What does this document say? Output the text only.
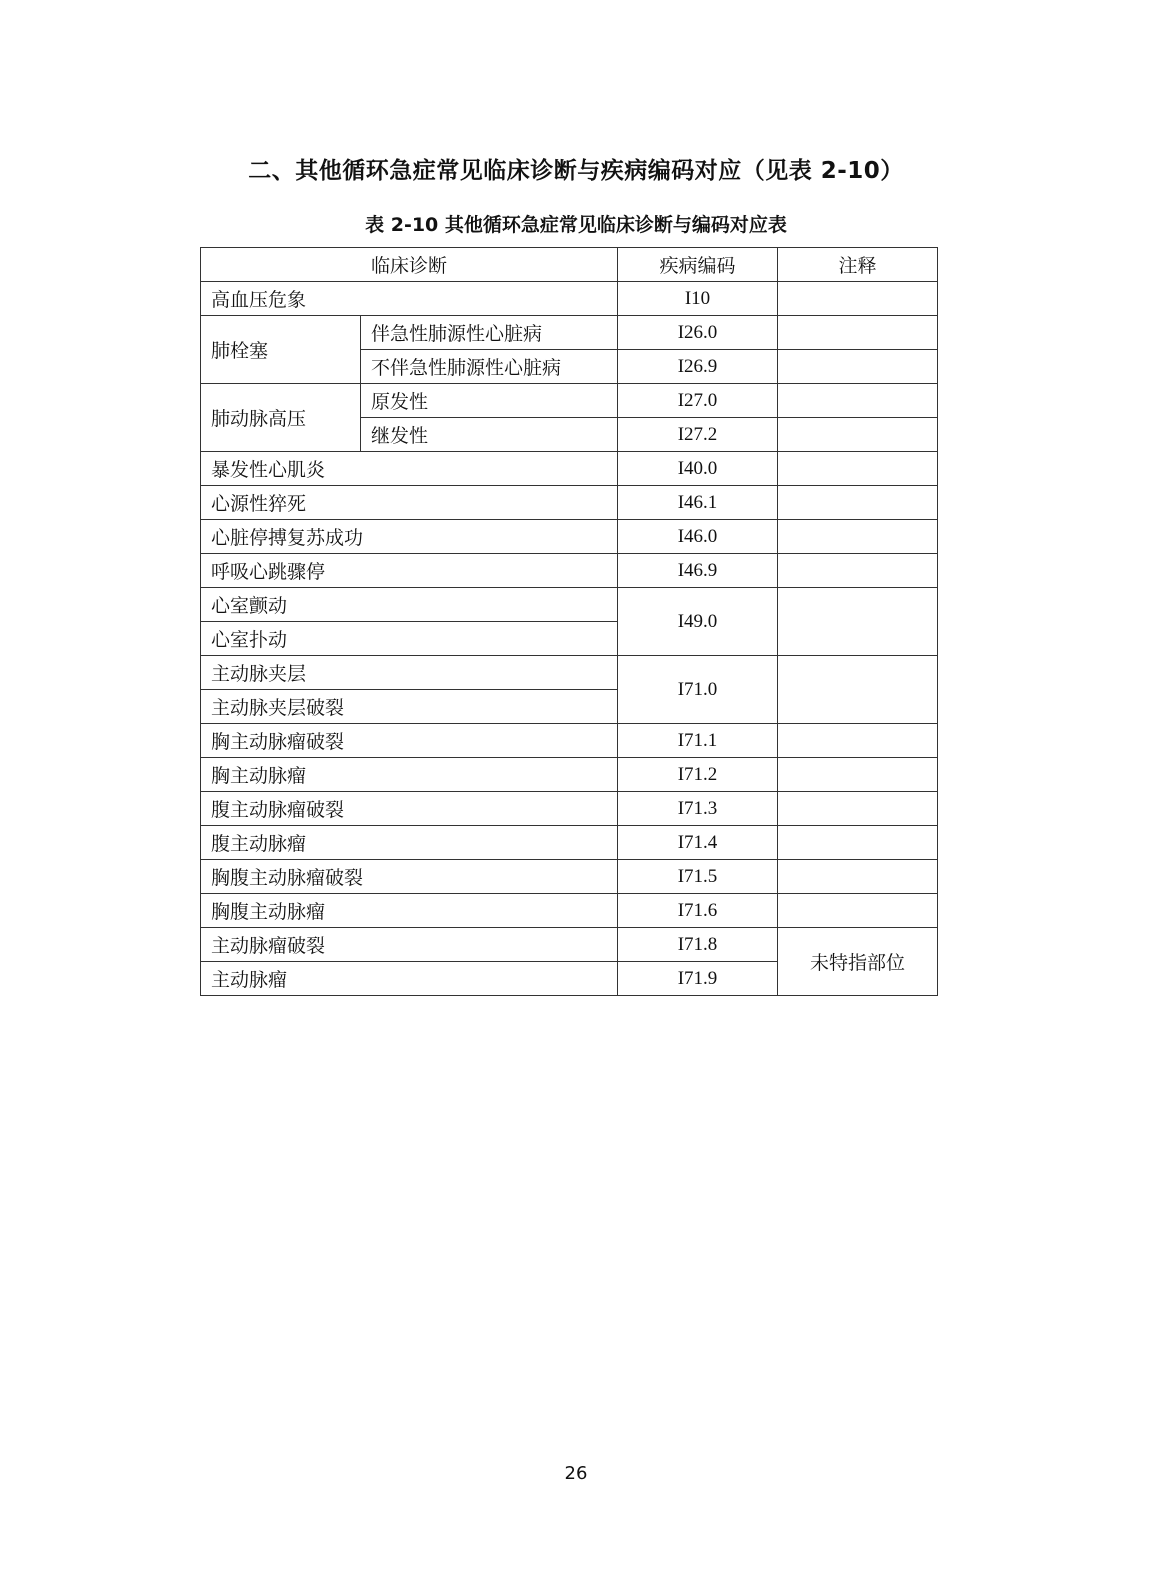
二、其他循环急症常见临床诊断与疾病编码对应（见表 2-10）
表 2-10 其他循环急症常见临床诊断与编码对应表
临床诊断		疾病编码	注释
高血压危象		I10	
肺栓塞	伴急性肺源性心脏病	I26.0	
	不伴急性肺源性心脏病	I26.9	
肺动脉高压	原发性	I27.0	
	继发性	I27.2	
暴发性心肌炎		I40.0	
心源性猝死		I46.1	
心脏停搏复苏成功		I46.0	
呼吸心跳骤停		I46.9	
心室颤动		I49.0	
心室扑动			
主动脉夹层		I71.0	
主动脉夹层破裂			
胸主动脉瘤破裂		I71.1	
胸主动脉瘤		I71.2	
腹主动脉瘤破裂		I71.3	
腹主动脉瘤		I71.4	
胸腹主动脉瘤破裂		I71.5	
胸腹主动脉瘤		I71.6	
主动脉瘤破裂		I71.8	未特指部位
主动脉瘤		I71.9	
26
